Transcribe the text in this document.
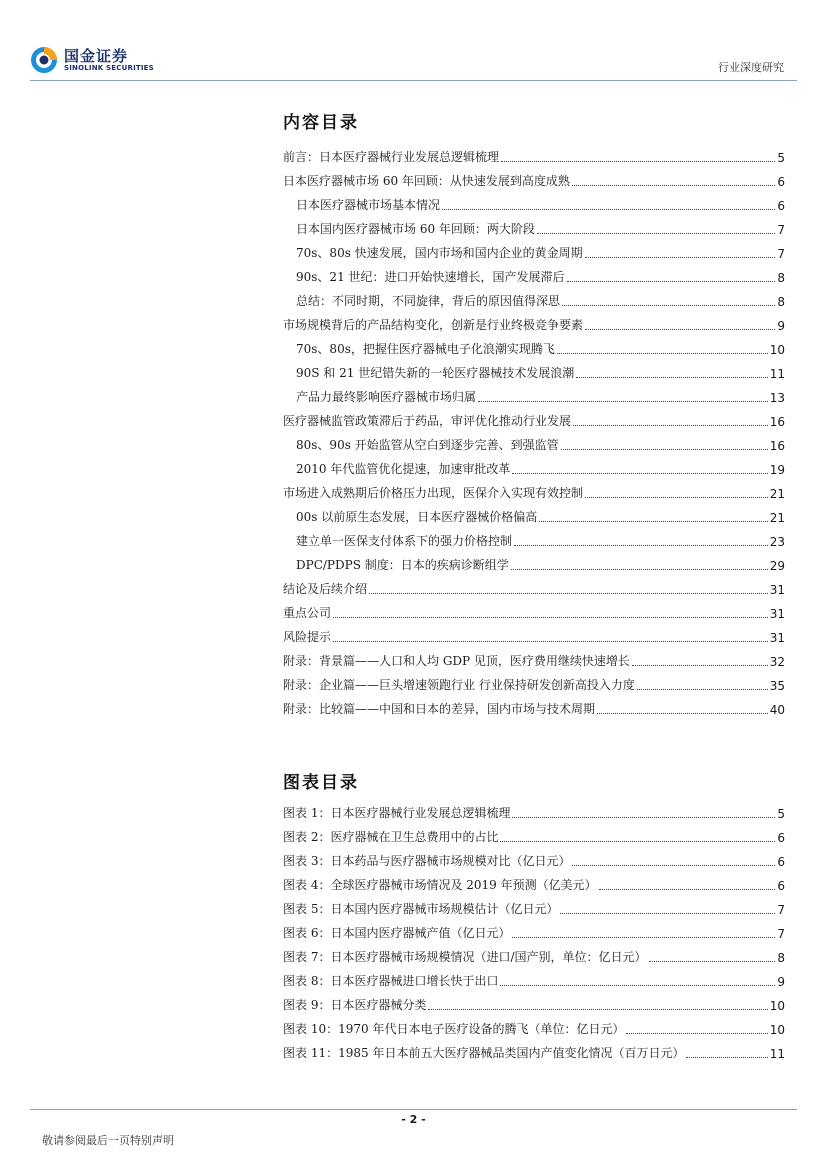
国金证券
SINOLINK SECURITIES	行业深度研究
内容目录
前言：日本医疗器械行业发展总逻辑梳理	5
日本医疗器械市场 60 年回顾：从快速发展到高度成熟	6
日本医疗器械市场基本情况	6
日本国内医疗器械市场 60 年回顾：两大阶段	7
70s、80s 快速发展，国内市场和国内企业的黄金周期	7
90s、21 世纪：进口开始快速增长，国产发展滞后	8
总结：不同时期，不同旋律，背后的原因值得深思	8
市场规模背后的产品结构变化，创新是行业终极竞争要素	9
70s、80s，把握住医疗器械电子化浪潮实现腾飞	10
90S 和 21 世纪错失新的一轮医疗器械技术发展浪潮	11
产品力最终影响医疗器械市场归属	13
医疗器械监管政策滞后于药品，审评优化推动行业发展	16
80s、90s 开始监管从空白到逐步完善、到强监管	16
2010 年代监管优化提速，加速审批改革	19
市场进入成熟期后价格压力出现，医保介入实现有效控制	21
00s 以前原生态发展，日本医疗器械价格偏高	21
建立单一医保支付体系下的强力价格控制	23
DPC/PDPS 制度：日本的疾病诊断组学	29
结论及后续介绍	31
重点公司	31
风险提示	31
附录：背景篇——人口和人均 GDP 见顶，医疗费用继续快速增长	32
附录：企业篇——巨头增速领跑行业 行业保持研发创新高投入力度	35
附录：比较篇——中国和日本的差异，国内市场与技术周期	40
图表目录
图表 1：日本医疗器械行业发展总逻辑梳理	5
图表 2：医疗器械在卫生总费用中的占比	6
图表 3：日本药品与医疗器械市场规模对比（亿日元）	6
图表 4：全球医疗器械市场情况及 2019 年预测（亿美元）	6
图表 5：日本国内医疗器械市场规模估计（亿日元）	7
图表 6：日本国内医疗器械产值（亿日元）	7
图表 7：日本医疗器械市场规模情况（进口/国产别，单位：亿日元）	8
图表 8：日本医疗器械进口增长快于出口	9
图表 9：日本医疗器械分类	10
图表 10：1970 年代日本电子医疗设备的腾飞（单位：亿日元）	10
图表 11：1985 年日本前五大医疗器械品类国内产值变化情况（百万日元）	11
- 2 -
敬请参阅最后一页特别声明
